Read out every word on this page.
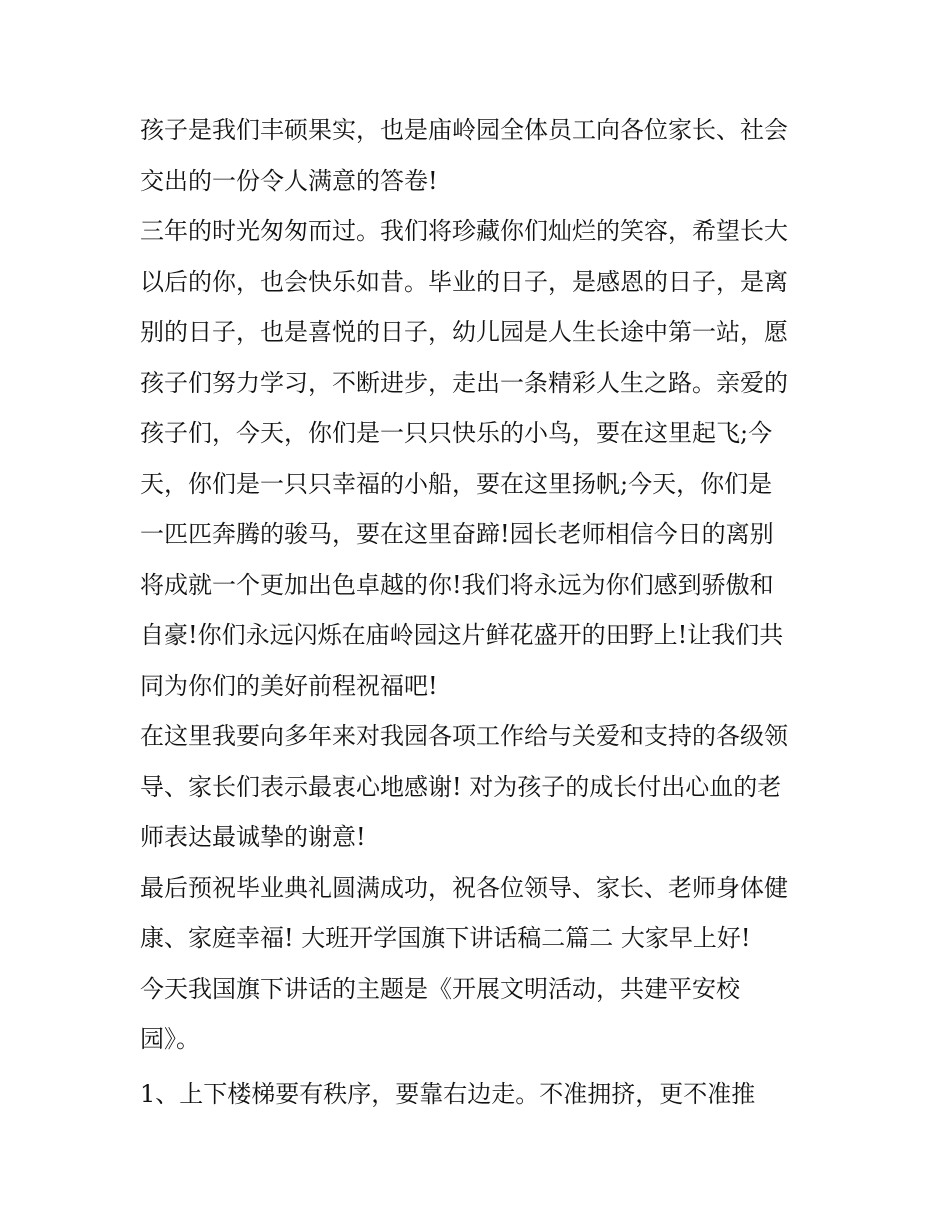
孩子是我们丰硕果实，也是庙岭园全体员工向各位家长、社会
交出的一份令人满意的答卷!
三年的时光匆匆而过。我们将珍藏你们灿烂的笑容，希望长大
以后的你，也会快乐如昔。毕业的日子，是感恩的日子，是离
别的日子，也是喜悦的日子，幼儿园是人生长途中第一站，愿
孩子们努力学习，不断进步，走出一条精彩人生之路。亲爱的
孩子们，今天，你们是一只只快乐的小鸟，要在这里起飞;今
天，你们是一只只幸福的小船，要在这里扬帆;今天，你们是
一匹匹奔腾的骏马，要在这里奋蹄!园长老师相信今日的离别
将成就一个更加出色卓越的你!我们将永远为你们感到骄傲和
自豪!你们永远闪烁在庙岭园这片鲜花盛开的田野上!让我们共
同为你们的美好前程祝福吧!
在这里我要向多年来对我园各项工作给与关爱和支持的各级领
导、家长们表示最衷心地感谢! 对为孩子的成长付出心血的老
师表达最诚挚的谢意!
最后预祝毕业典礼圆满成功，祝各位领导、家长、老师身体健
康、家庭幸福! 大班开学国旗下讲话稿二篇二 大家早上好!
今天我国旗下讲话的主题是《开展文明活动，共建平安校
园》。
1、上下楼梯要有秩序，要靠右边走。不准拥挤，更不准推
